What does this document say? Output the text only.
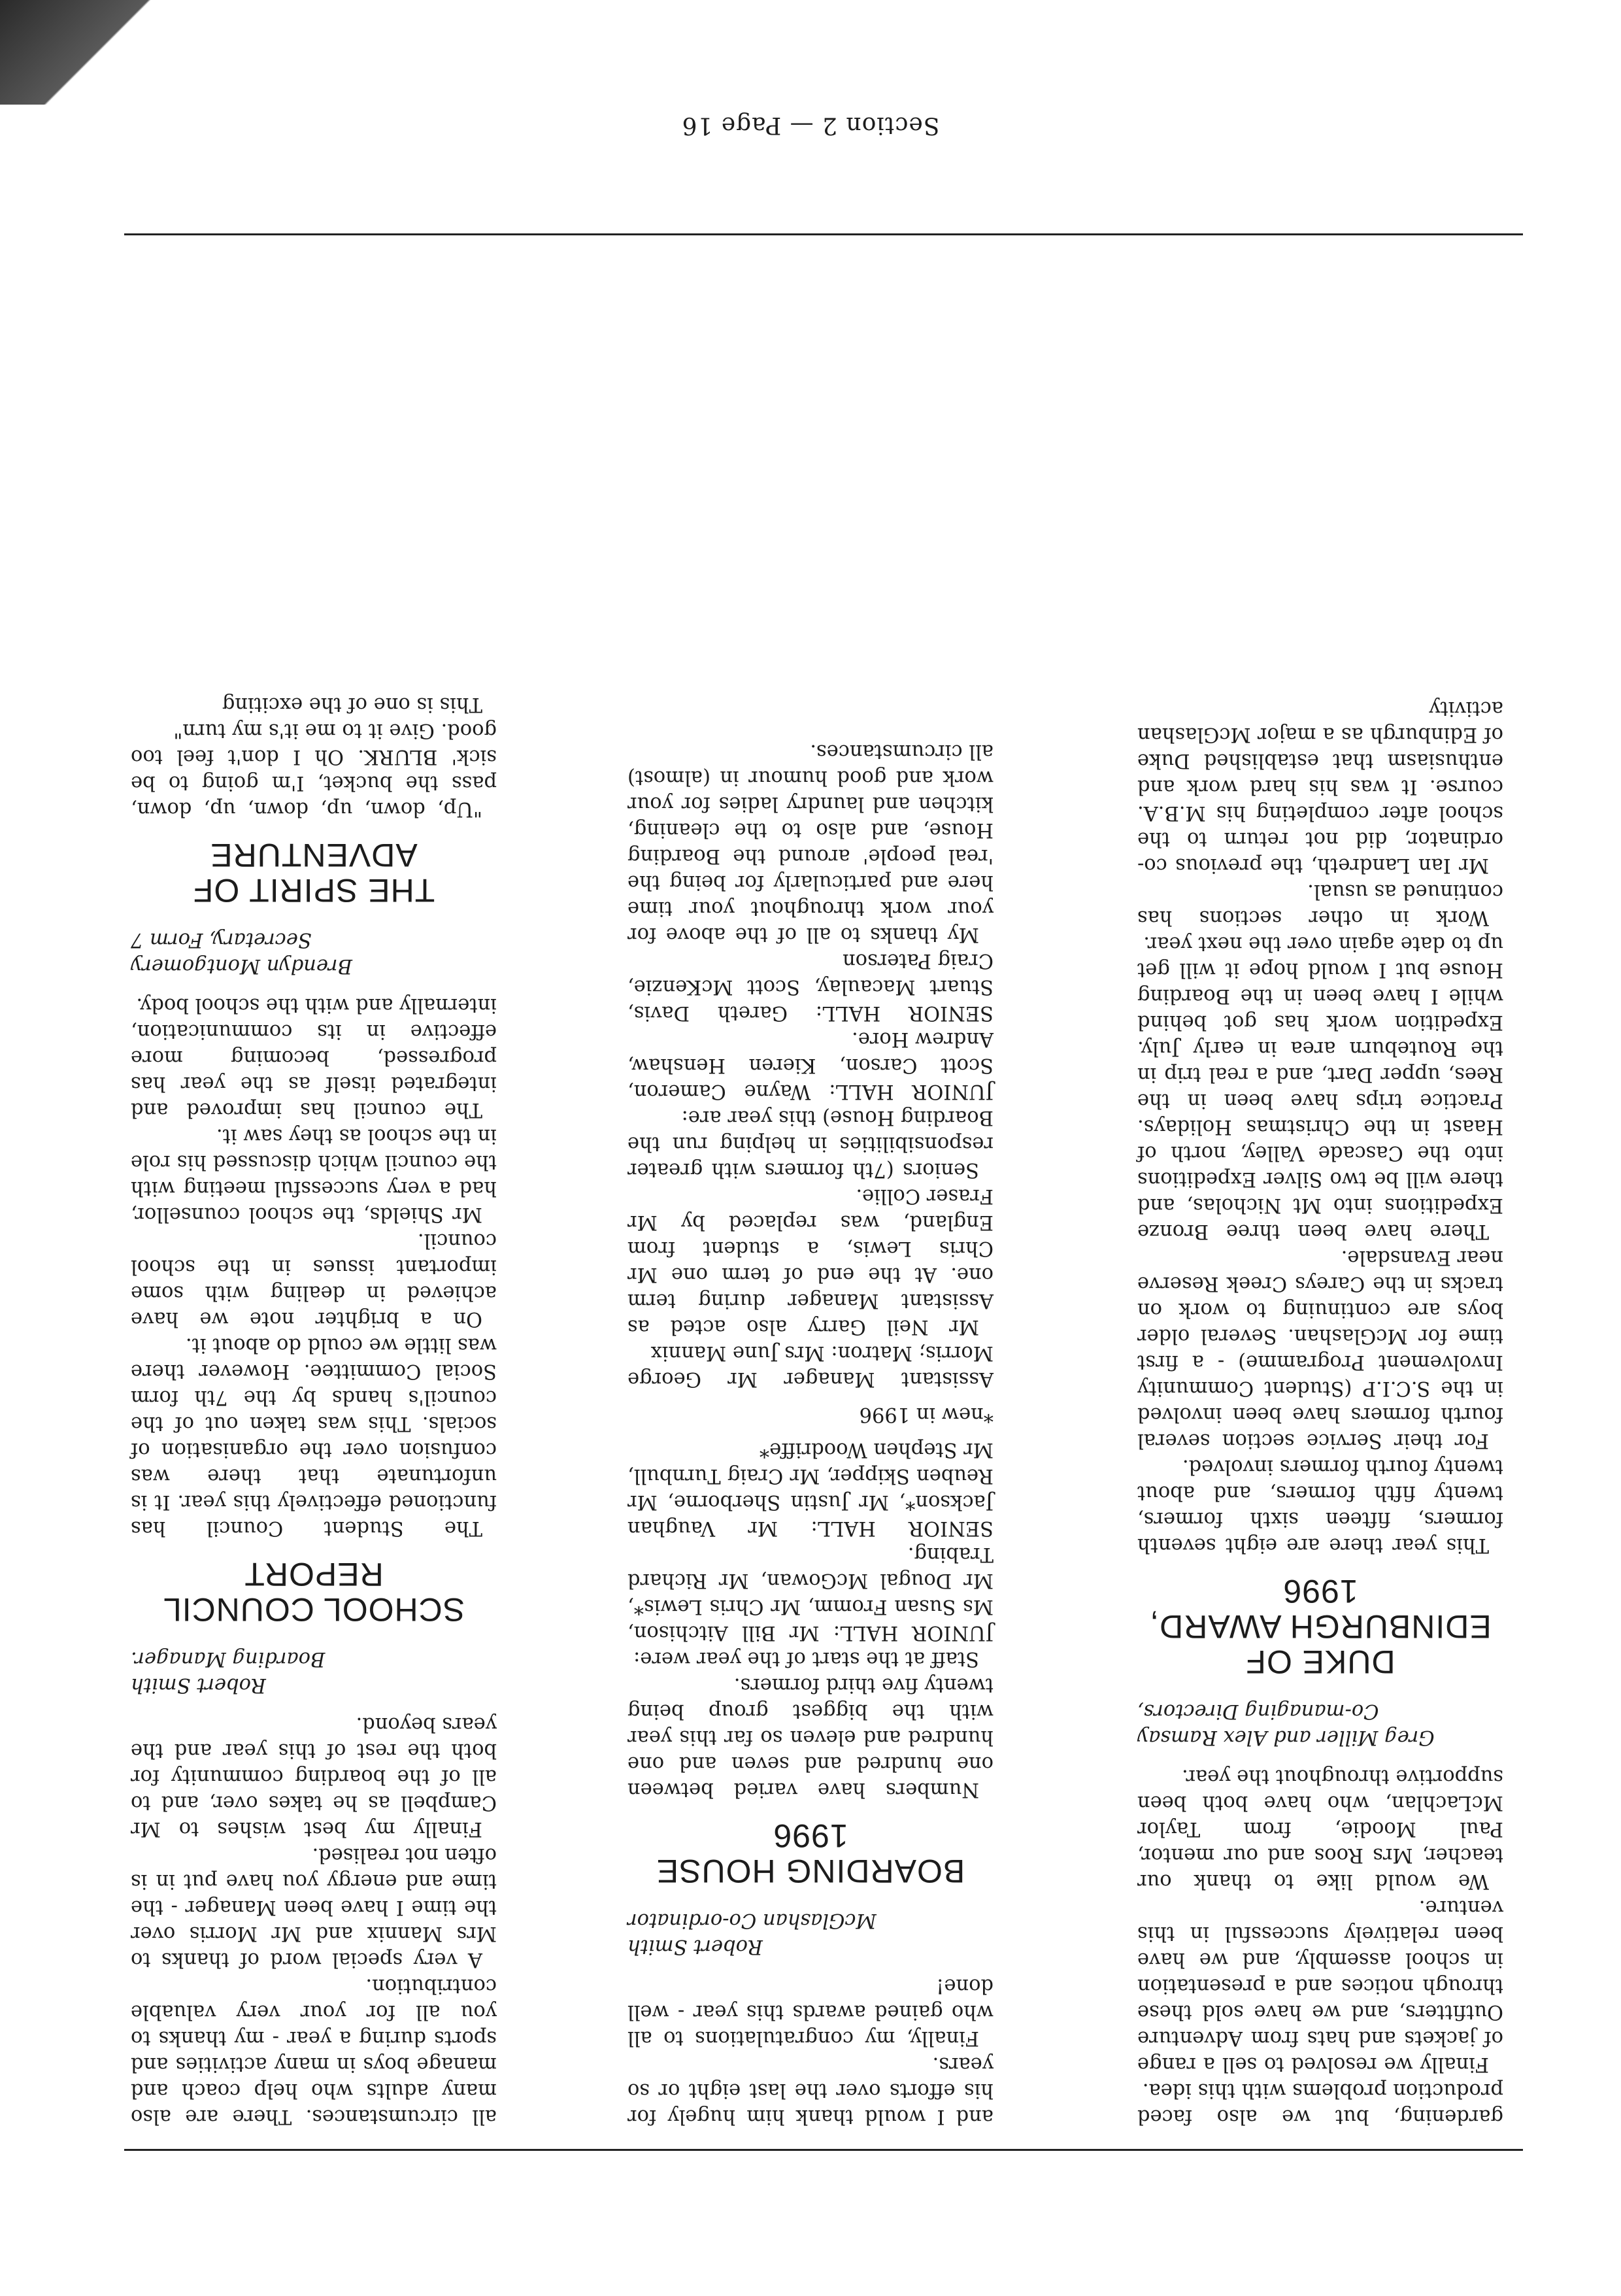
Section 2 — Page 16

gardening, but we also faced production problems with this idea.

Finally we resolved to sell a range of jackets and hats from Adventure Outfitters, and we have sold these through notices and a presentation in school assembly, and we have been relatively successful in this venture.

We would like to thank our teacher, Mrs Roos and our mentor, Paul Moodie, from Taylor McLachlan, who have both been supportive throughout the year.

Greg Miller and Alex Ramsay
Co-managing Directors,
DUKE OF
EDINBURGH AWARD,
1996

This year there are eight seventh formers, fifteen sixth formers, twenty fifth formers, and about twenty fourth formers involved.

For their Service section several fourth formers have been involved in the S.C.I.P (Student Community Involvement Programme) - a first time for McGlashan. Several older boys are continuing to work on tracks in the Careys Creek Reserve near Evansdale.

There have been three Bronze Expeditions into Mt Nicholas, and there will be two Silver Expeditions into the Cascade Valley, north of Haast in the Christmas Holidays. Practice trips have been in the Rees, upper Dart, and a real trip in the Routeburn area in early July. Expedition work has got behind while I have been in the Boarding House but I would hope it will get up to date again over the next year.

Work in other sections has continued as usual.

Mr Ian Landreth, the previous co-ordinator, did not return to the school after completing his M.B.A. course. It was his hard work and enthusiasm that established Duke of Edinburgh as a major McGlashan activity

and I would thank him hugely for his efforts over the last eight or so years.

Finally, my congratulations to all who gained awards this year - well done!

Robert Smith
McGlashan Co-ordinator
BOARDING HOUSE
1996

Numbers have varied between one hundred and seven and one hundred and eleven so far this year with the biggest group being twenty five third formers.

Staff at the start of the year were:

JUNIOR HALL: Mr Bill Aitchison, Ms Susan Fromm, Mr Chris Lewis*, Mr Dougal McGowan, Mr Richard Trabing.

SENIOR HALL: Mr Vaughan Jackson*, Mr Justin Sherborne, Mr Reuben Skipper, Mr Craig Turnbull, Mr Stephen Woodriffe*

*new in 1996

Assistant Manager Mr George Morris; Matron: Mrs June Mannix

Mr Neil Garry also acted as Assistant Manager during term one. At the end of term one Mr Chris Lewis, a student from England, was replaced by Mr Fraser Collie.

Seniors (7th formers with greater responsibilities in helping run the Boarding House) this year are:

JUNIOR HALL: Wayne Cameron, Scott Carson, Kieren Henshaw, Andrew Hore.

SENIOR HALL: Gareth Davis, Stuart Macaulay, Scott McKenzie, Craig Paterson

My thanks to all of the above for your work throughout your time here and particularly for being the 'real people' around the Boarding House, and also to the cleaning, kitchen and laundry ladies for your work and good humour in (almost) all circumstances.

all circumstances. There are also many adults who help coach and manage boys in many activities and sports during a year - my thanks to you all for your very valuable contribution.

A very special word of thanks to Mrs Mannix and Mr Morris over the time I have been Manager - the time and energy you have put in is often not realised.

Finally my best wishes to Mr Campbell as he takes over, and to all of the boarding community for both the rest of this year and the years beyond.

Robert Smith
Boarding Manager.
SCHOOL COUNCIL
REPORT

The Student Council has functioned effectively this year. It is unfortunate that there was confusion over the organisation of socials. This was taken out of the council's hands by the 7th form Social Committee. However there was little we could do about it.

On a brighter note we have achieved in dealing with some important issues in the school council.

Mr Shields, the school counsellor, had a very successful meeting with the council which discussed his role in the school as they saw it.

The council has improved and integrated itself as the year has progressed, becoming more effective in its communication, internally and with the school body.

Brendyn Montgomery
Secretary, Form 7
THE SPIRIT OF
ADVENTURE

"Up, down, up, down, up, down, pass the bucket, I'm going to be sick' BLURK. Oh I don't feel too good. Give it to me it's my turn"

This is one of the exciting
